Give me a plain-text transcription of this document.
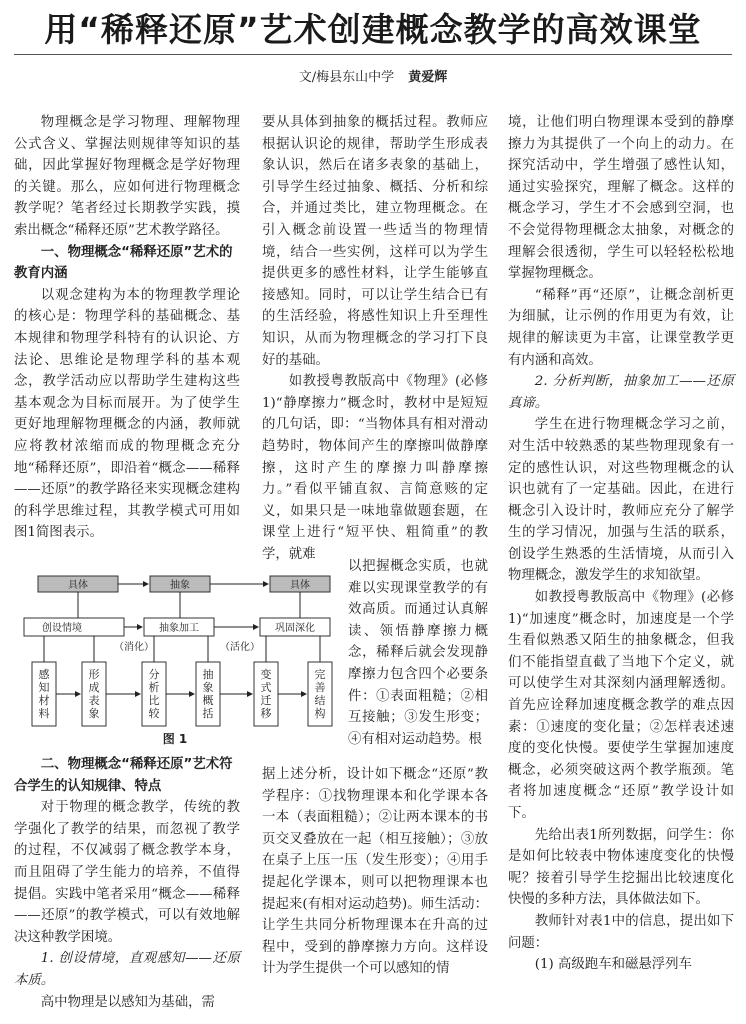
用“稀释还原”艺术创建概念教学的高效课堂
文/梅县东山中学 黄爱辉

物理概念是学习物理、理解物理公式含义、掌握法则规律等知识的基础，因此掌握好物理概念是学好物理的关键。那么，应如何进行物理概念教学呢？笔者经过长期教学实践，摸索出概念“稀释还原”艺术教学路径。

一、物理概念“稀释还原”艺术的教育内涵

以观念建构为本的物理教学理论的核心是：物理学科的基础概念、基本规律和物理学科特有的认识论、方法论、思维论是物理学科的基本观念，教学活动应以帮助学生建构这些基本观念为目标而展开。为了使学生更好地理解物理概念的内涵，教师就应将教材浓缩而成的物理概念充分地“稀释还原”，即沿着“概念——稀释——还原”的教学路径来实现概念建构的科学思维过程，其教学模式可用如图1简图表示。

具体	抽象	具体
创设情境	抽象加工	巩固深化
（消化）	（活化）
感知材料
形成表象
分析比较
抽象概括
变式迁移
完善结构
图 1
二、物理概念“稀释还原”艺术符合学生的认知规律、特点

对于物理的概念教学，传统的教学强化了教学的结果，而忽视了教学的过程，不仅减弱了概念教学本身，而且阻碍了学生能力的培养，不值得提倡。实践中笔者采用“概念——稀释——还原”的教学模式，可以有效地解决这种教学困境。

1. 创设情境，直观感知——还原本质。

高中物理是以感知为基础，需

要从具体到抽象的概括过程。教师应根据认识论的规律，帮助学生形成表象认识，然后在诸多表象的基础上，引导学生经过抽象、概括、分析和综合，并通过类比，建立物理概念。在引入概念前设置一些适当的物理情境，结合一些实例，这样可以为学生提供更多的感性材料，让学生能够直接感知。同时，可以让学生结合已有的生活经验，将感性知识上升至理性知识，从而为物理概念的学习打下良好的基础。

如教授粤教版高中《物理》(必修1)“静摩擦力”概念时，教材中是短短的几句话，即：“当物体具有相对滑动趋势时，物体间产生的摩擦叫做静摩擦，这时产生的摩擦力叫静摩擦力。”看似平铺直叙、言简意赅的定义，如果只是一味地靠做题套题，在课堂上进行“短平快、粗简重”的教学，就难

以把握概念实质，也就难以实现课堂教学的有效高质。而通过认真解读、领悟静摩擦力概念，稀释后就会发现静摩擦力包含四个必要条件：①表面粗糙；②相互接触；③发生形变；④有相对运动趋势。根

据上述分析，设计如下概念“还原”教学程序：①找物理课本和化学课本各一本（表面粗糙）；②让两本课本的书页交叉叠放在一起（相互接触）；③放在桌子上压一压（发生形变）；④用手提起化学课本，则可以把物理课本也提起来(有相对运动趋势)。师生活动：让学生共同分析物理课本在升高的过程中，受到的静摩擦力方向。这样设计为学生提供一个可以感知的情

境，让他们明白物理课本受到的静摩擦力为其提供了一个向上的动力。在探究活动中，学生增强了感性认知，通过实验探究，理解了概念。这样的概念学习，学生才不会感到空洞，也不会觉得物理概念太抽象，对概念的理解会很透彻，学生可以轻轻松松地掌握物理概念。

“稀释”再“还原”，让概念剖析更为细腻，让示例的作用更为有效，让规律的解读更为丰富，让课堂教学更有内涵和高效。

2. 分析判断，抽象加工——还原真谛。

学生在进行物理概念学习之前，对生活中较熟悉的某些物理现象有一定的感性认识，对这些物理概念的认识也就有了一定基础。因此，在进行概念引入设计时，教师应充分了解学生的学习情况，加强与生活的联系，创设学生熟悉的生活情境，从而引入物理概念，激发学生的求知欲望。

如教授粤教版高中《物理》(必修1)“加速度”概念时，加速度是一个学生看似熟悉又陌生的抽象概念，但我们不能指望直截了当地下个定义，就可以使学生对其深刻内涵理解透彻。首先应诠释加速度概念教学的难点因素：①速度的变化量；②怎样表述速度的变化快慢。要使学生掌握加速度概念，必须突破这两个教学瓶颈。笔者将加速度概念“还原”教学设计如下。

先给出表1所列数据，问学生：你是如何比较表中物体速度变化的快慢呢？接着引导学生挖掘出比较速度化快慢的多种方法，具体做法如下。

教师针对表1中的信息，提出如下问题：

(1) 高级跑车和磁悬浮列车
